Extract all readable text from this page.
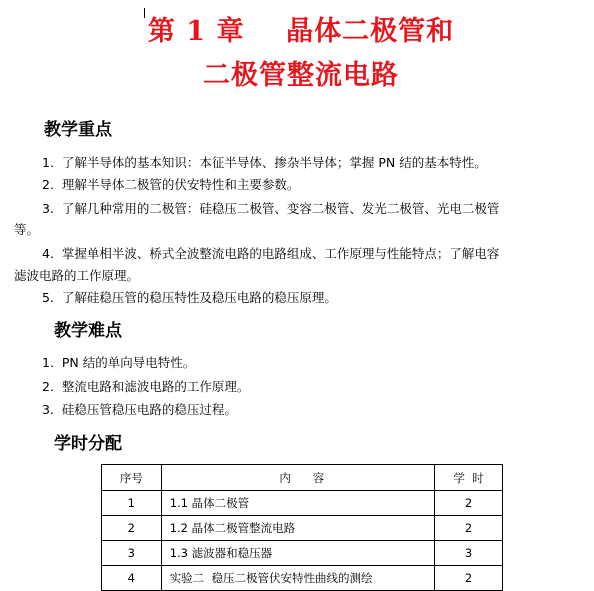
第 1 章    晶体二极管和
二极管整流电路
教学重点
1. 了解半导体的基本知识：本征半导体、掺杂半导体；掌握 PN 结的基本特性。
2. 理解半导体二极管的伏安特性和主要参数。
3. 了解几种常用的二极管：硅稳压二极管、变容二极管、发光二极管、光电二极管
等。
4. 掌握单相半波、桥式全波整流电路的电路组成、工作原理与性能特点；了解电容
滤波电路的工作原理。
5. 了解硅稳压管的稳压特性及稳压电路的稳压原理。
教学难点
1. PN 结的单向导电特性。
2. 整流电路和滤波电路的工作原理。
3. 硅稳压管稳压电路的稳压过程。
学时分配
序号	内      容	学  时
1	1.1 晶体二极管	2
2	1.2 晶体二极管整流电路	2
3	1.3 滤波器和稳压器	3
4	实验二  稳压二极管伏安特性曲线的测绘	2
